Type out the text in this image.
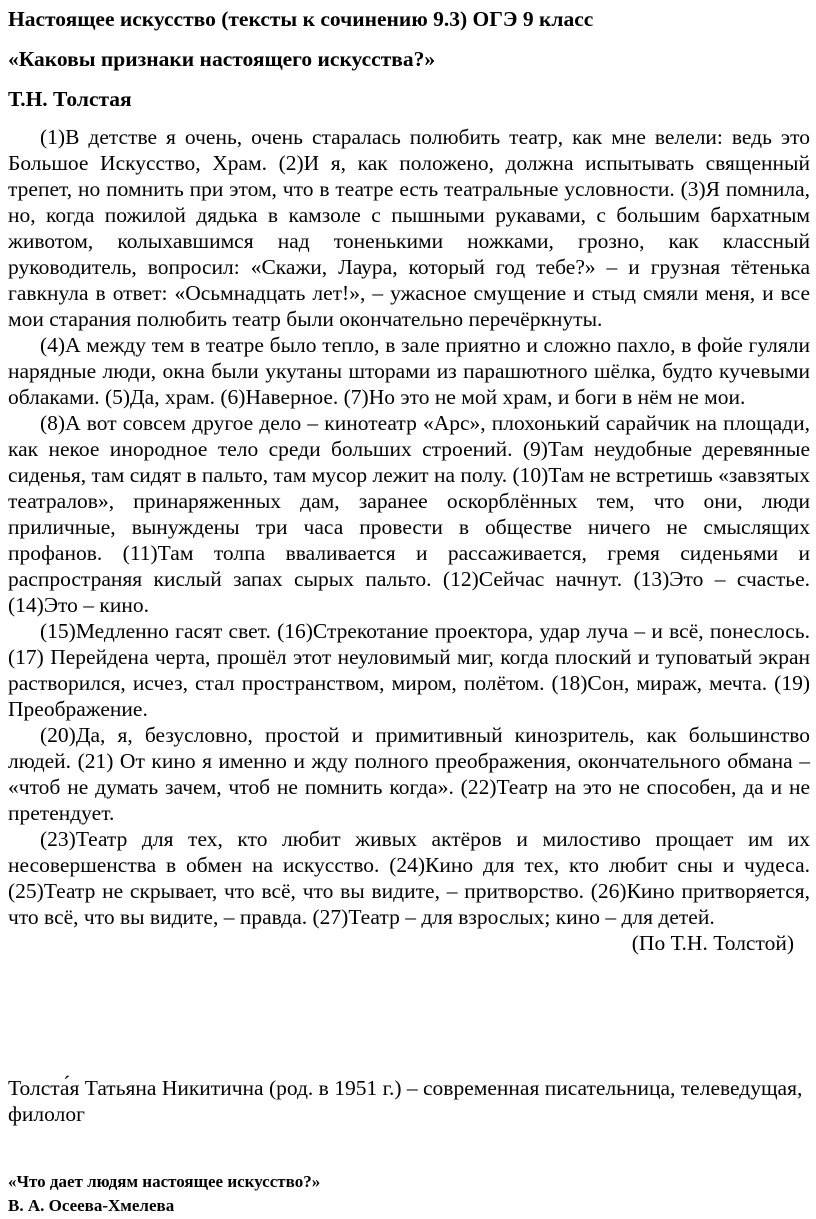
Настоящее искусство (тексты к сочинению 9.3) ОГЭ 9 класс
«Каковы признаки настоящего искусства?»
Т.Н. Толстая

(1)В детстве я очень, очень старалась полюбить театр, как мне велели: ведь это Большое Искусство, Храм. (2)И я, как положено, должна испытывать священный трепет, но помнить при этом, что в театре есть театральные условности. (3)Я помнила, но, когда пожилой дядька в камзоле с пышными рукавами, с большим бархатным животом, колыхавшимся над тоненькими ножками, грозно, как классный руководитель, вопросил: «Скажи, Лаура, который год тебе?» – и грузная тётенька гавкнула в ответ: «Осьмнадцать лет!», – ужасное смущение и стыд смяли меня, и все мои старания полюбить театр были окончательно перечёркнуты.

(4)А между тем в театре было тепло, в зале приятно и сложно пахло, в фойе гуляли нарядные люди, окна были укутаны шторами из парашютного шёлка, будто кучевыми облаками. (5)Да, храм. (6)Наверное. (7)Но это не мой храм, и боги в нём не мои.

(8)А вот совсем другое дело – кинотеатр «Арс», плохонький сарайчик на площади, как некое инородное тело среди больших строений. (9)Там неудобные деревянные сиденья, там сидят в пальто, там мусор лежит на полу. (10)Там не встретишь «завзятых театралов», принаряженных дам, заранее оскорблённых тем, что они, люди приличные, вынуждены три часа провести в обществе ничего не смыслящих профанов. (11)Там толпа вваливается и рассаживается, гремя сиденьями и распространяя кислый запах сырых пальто. (12)Сейчас начнут. (13)Это – счастье. (14)Это – кино.

(15)Медленно гасят свет. (16)Стрекотание проектора, удар луча – и всё, понеслось. (17) Перейдена черта, прошёл этот неуловимый миг, когда плоский и туповатый экран растворился, исчез, стал пространством, миром, полётом. (18)Сон, мираж, мечта. (19) Преображение.

(20)Да, я, безусловно, простой и примитивный кинозритель, как большинство людей. (21) От кино я именно и жду полного преображения, окончательного обмана – «чтоб не думать зачем, чтоб не помнить когда». (22)Театр на это не способен, да и не претендует.

(23)Театр для тех, кто любит живых актёров и милостиво прощает им их несовершенства в обмен на искусство. (24)Кино для тех, кто любит сны и чудеса. (25)Театр не скрывает, что всё, что вы видите, – притворство. (26)Кино притворяется, что всё, что вы видите, – правда. (27)Театр – для взрослых; кино – для детей.
(По Т.Н. Толстой)

Толста́я Татьяна Никитична (род. в 1951 г.) – современная писательница, телеведущая, филолог
«Что дает людям настоящее искусство?»
В. А. Осеева-Хмелева
